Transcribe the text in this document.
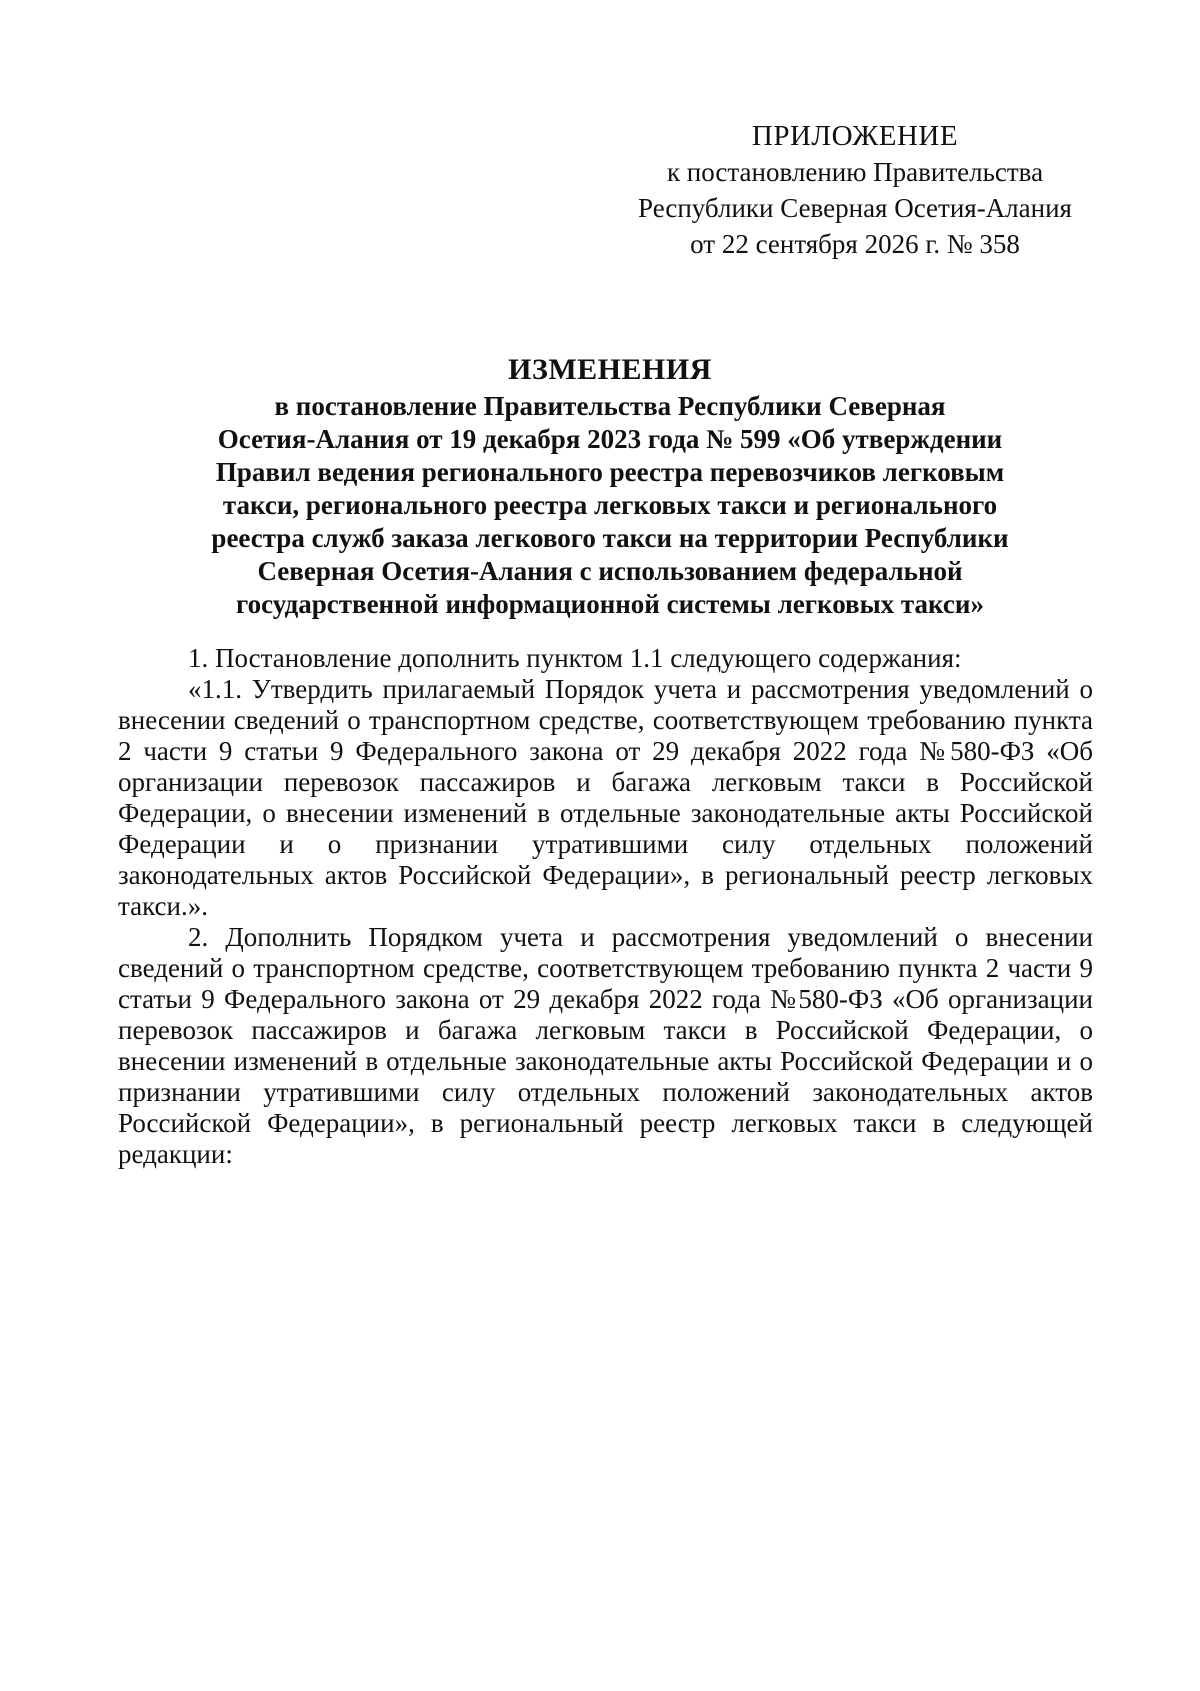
ПРИЛОЖЕНИЕ
к постановлению Правительства
Республики Северная Осетия-Алания
от 22 сентября 2026 г. № 358
ИЗМЕНЕНИЯ
в постановление Правительства Республики Северная
Осетия-Алания от 19 декабря 2023 года № 599 «Об утверждении
Правил ведения регионального реестра перевозчиков легковым
такси, регионального реестра легковых такси и регионального
реестра служб заказа легкового такси на территории Республики
Северная Осетия-Алания с использованием федеральной
государственной информационной системы легковых такси»

1. Постановление дополнить пунктом 1.1 следующего содержания:

«1.1. Утвердить прилагаемый Порядок учета и рассмотрения уведомлений о внесении сведений о транспортном средстве, соответствующем требованию пункта 2 части 9 статьи 9 Федерального закона от 29 декабря 2022 года №580-ФЗ «Об организации перевозок пассажиров и багажа легковым такси в Российской Федерации, о внесении изменений в отдельные законодательные акты Российской Федерации и о признании утратившими силу отдельных положений законодательных актов Российской Федерации», в региональный реестр легковых такси.».

2. Дополнить Порядком учета и рассмотрения уведомлений о внесении сведений о транспортном средстве, соответствующем требованию пункта 2 части 9 статьи 9 Федерального закона от 29 декабря 2022 года №580-ФЗ «Об организации перевозок пассажиров и багажа легковым такси в Российской Федерации, о внесении изменений в отдельные законодательные акты Российской Федерации и о признании утратившими силу отдельных положений законодательных актов Российской Федерации», в региональный реестр легковых такси в следующей редакции:
